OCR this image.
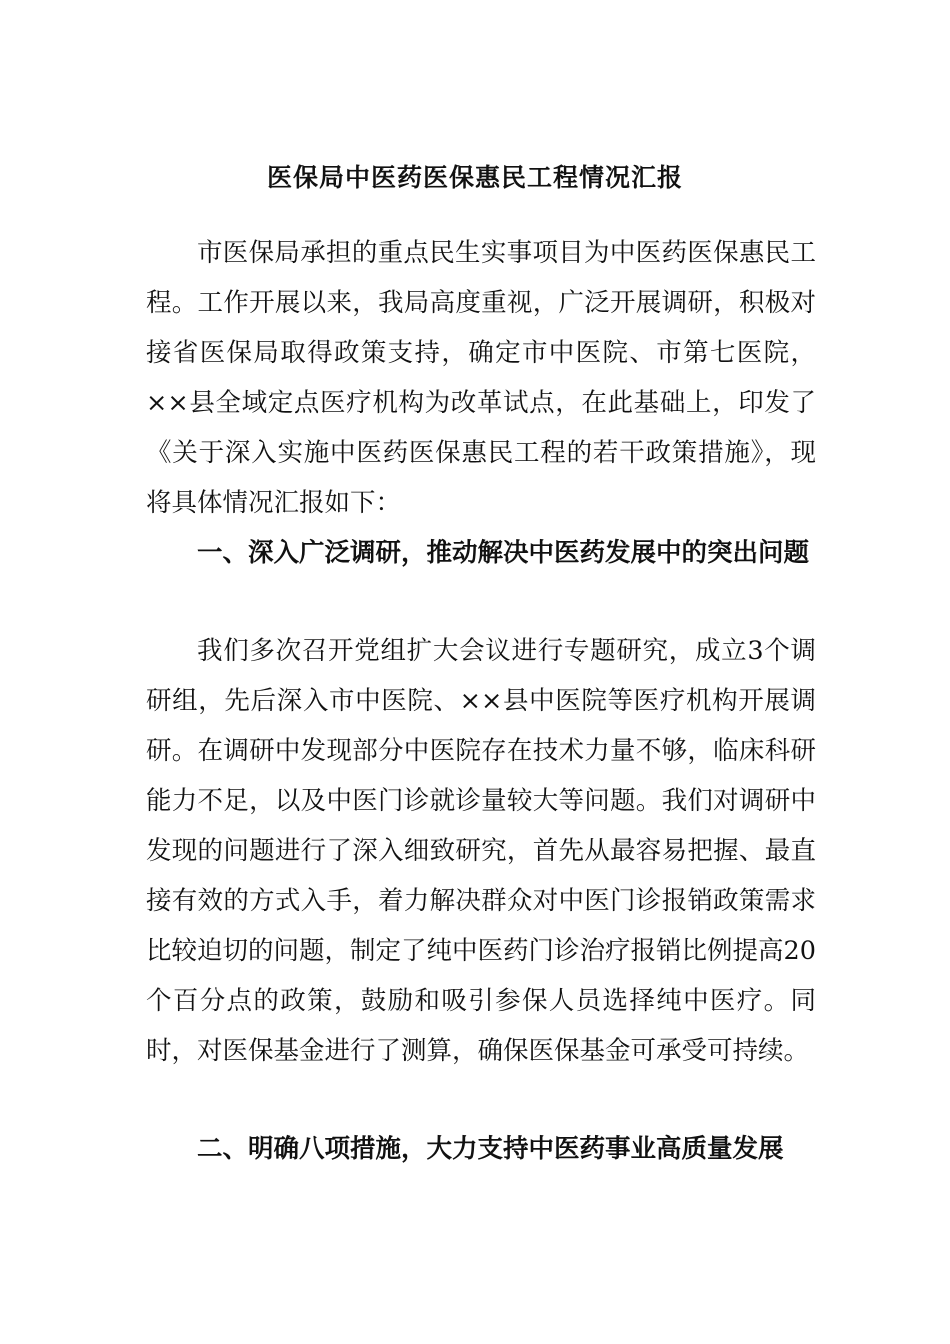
医保局中医药医保惠民工程情况汇报

市医保局承担的重点民生实事项目为中医药医保惠民工程。工作开展以来，我局高度重视，广泛开展调研，积极对接省医保局取得政策支持，确定市中医院、市第七医院，××县全域定点医疗机构为改革试点，在此基础上，印发了《关于深入实施中医药医保惠民工程的若干政策措施》，现将具体情况汇报如下：

一、深入广泛调研，推动解决中医药发展中的突出问题

我们多次召开党组扩大会议进行专题研究，成立3个调研组，先后深入市中医院、××县中医院等医疗机构开展调研。在调研中发现部分中医院存在技术力量不够，临床科研能力不足，以及中医门诊就诊量较大等问题。我们对调研中发现的问题进行了深入细致研究，首先从最容易把握、最直接有效的方式入手，着力解决群众对中医门诊报销政策需求比较迫切的问题，制定了纯中医药门诊治疗报销比例提高20个百分点的政策，鼓励和吸引参保人员选择纯中医疗。同时，对医保基金进行了测算，确保医保基金可承受可持续。

二、明确八项措施，大力支持中医药事业高质量发展
